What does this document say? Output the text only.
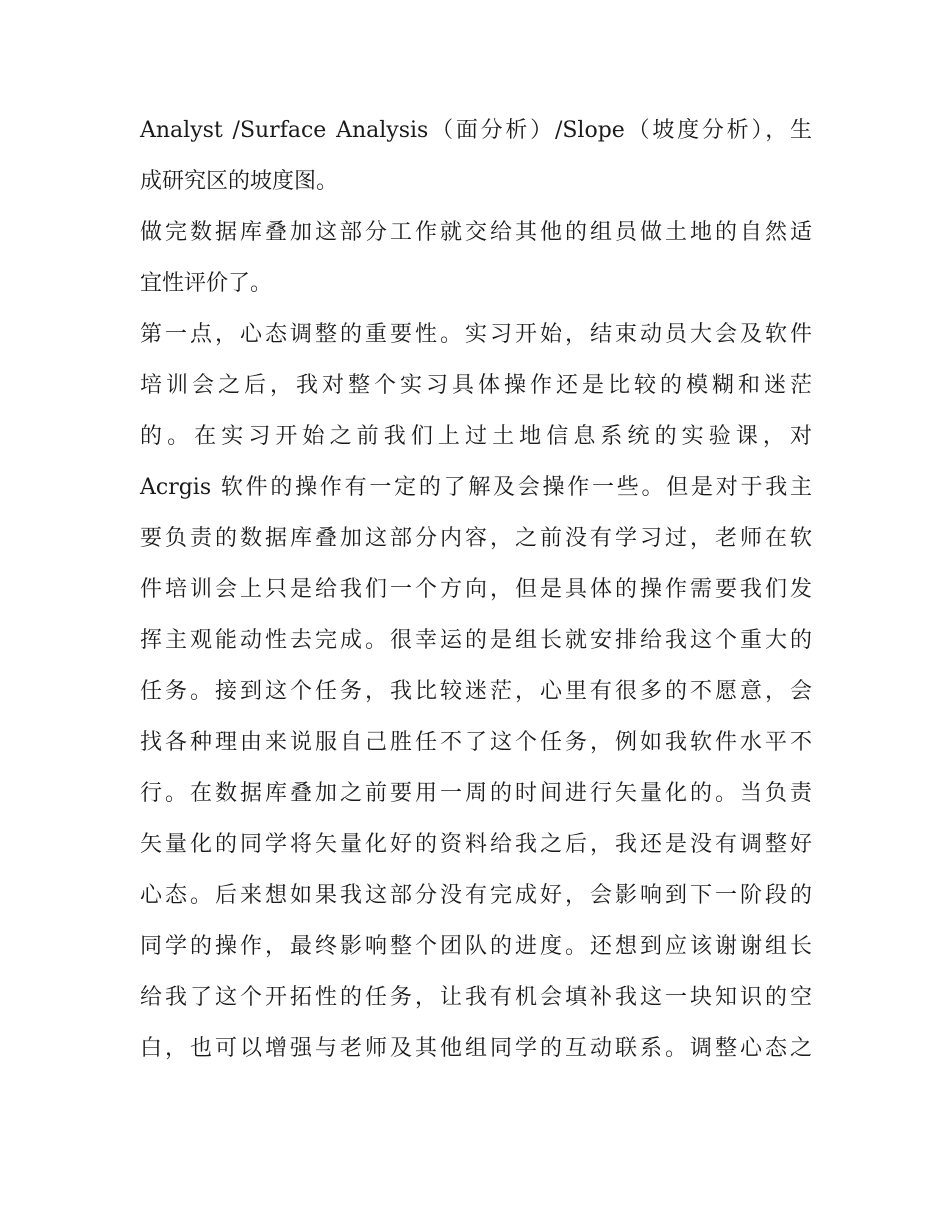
Analyst /Surface Analysis（面分析）/Slope（坡度分析），生
成研究区的坡度图。
做完数据库叠加这部分工作就交给其他的组员做土地的自然适
宜性评价了。
第一点，心态调整的重要性。实习开始，结束动员大会及软件
培训会之后，我对整个实习具体操作还是比较的模糊和迷茫
的。在实习开始之前我们上过土地信息系统的实验课，对
Acrgis 软件的操作有一定的了解及会操作一些。但是对于我主
要负责的数据库叠加这部分内容，之前没有学习过，老师在软
件培训会上只是给我们一个方向，但是具体的操作需要我们发
挥主观能动性去完成。很幸运的是组长就安排给我这个重大的
任务。接到这个任务，我比较迷茫，心里有很多的不愿意，会
找各种理由来说服自己胜任不了这个任务，例如我软件水平不
行。在数据库叠加之前要用一周的时间进行矢量化的。当负责
矢量化的同学将矢量化好的资料给我之后，我还是没有调整好
心态。后来想如果我这部分没有完成好，会影响到下一阶段的
同学的操作，最终影响整个团队的进度。还想到应该谢谢组长
给我了这个开拓性的任务，让我有机会填补我这一块知识的空
白，也可以增强与老师及其他组同学的互动联系。调整心态之
